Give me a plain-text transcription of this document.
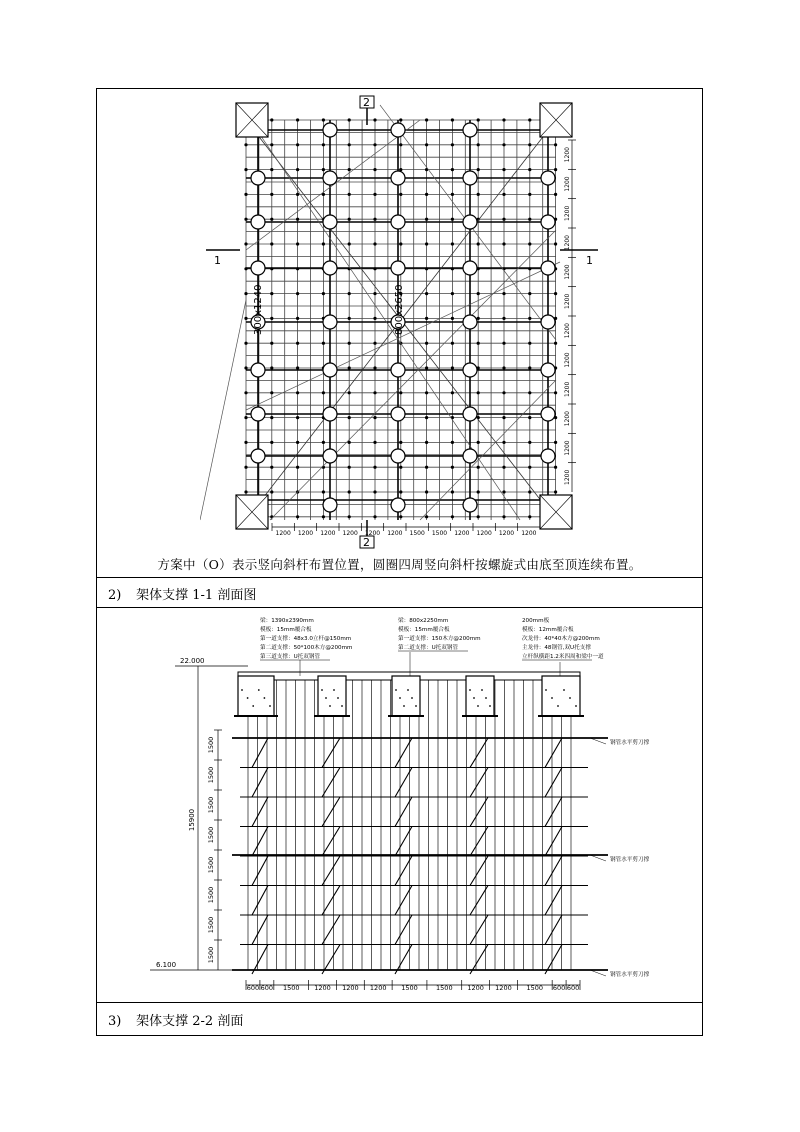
300x1240	800x2650
2
2
1	1
1200 1200 1200 1200 1200 1200 1500 1500 1200 1200 1200 1200
1200
1200
1200
1200
1200
1200
1200
1200
1200
1200
1200
1200
方案中（O）表示竖向斜杆布置位置，圆圈四周竖向斜杆按螺旋式由底至顶连续布置。
2) 架体支撑 1-1 剖面图
22.000
6.100
15900
1500
1500
1500
1500
1500
1500
1500
1500
梁：1390x2390mm
模板：15mm覆合板
第一道支撑：48x3.0立杆@150mm
第二道支撑：50*100木方@200mm
第三道支撑：U托双钢管
梁：800x2250mm
模板：15mm覆合板
第一道支撑：150木方@200mm
第二道支撑：U托双钢管
200mm板
模板：12mm覆合板
次龙骨：40*40木方@200mm
主龙骨：48钢管,双U托支撑
立杆纵横距1.2米四周和梁中一道
钢管水平剪刀撑
钢管水平剪刀撑
钢管水平剪刀撑
600 600 1500 1200 1200 1200 1500	1500 1200 1200 1500 600 600
3) 架体支撑 2-2 剖面
